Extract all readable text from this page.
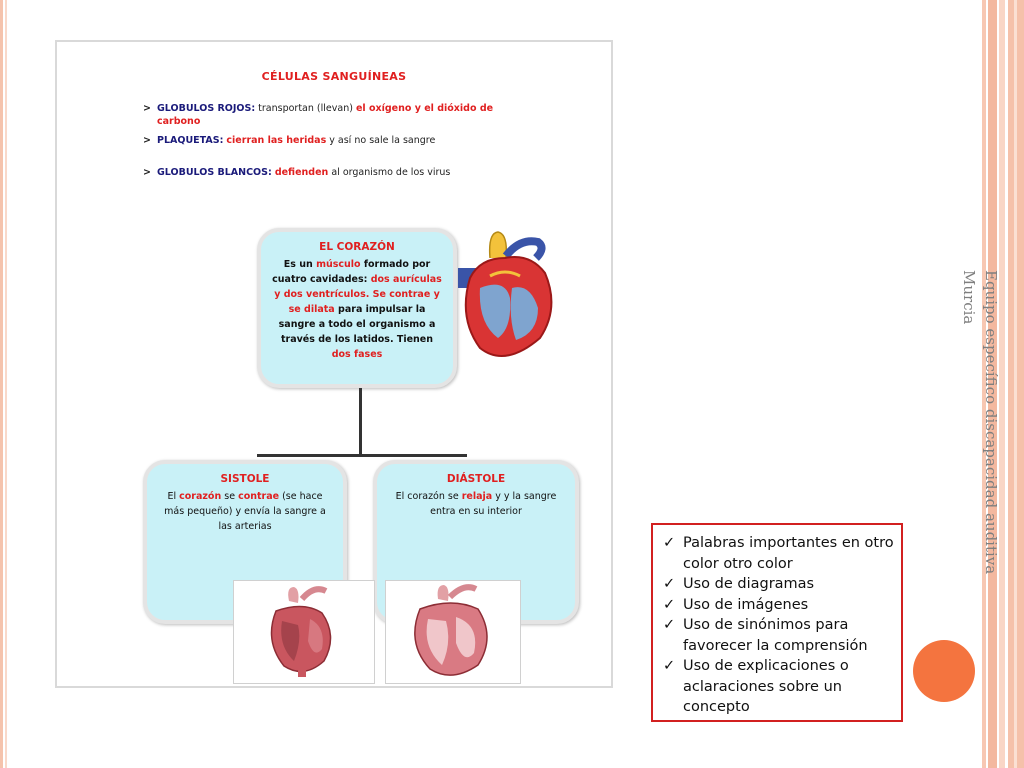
Equipo específico discapacidad auditiva Murcia
CÉLULAS SANGUÍNEAS
> GLOBULOS ROJOS: transportan (llevan) el oxígeno y el dióxido de carbono
> PLAQUETAS: cierran las heridas y así no sale la sangre
> GLOBULOS BLANCOS: defienden al organismo de los virus
EL CORAZÓN
Es un músculo formado por cuatro cavidades: dos aurículas y dos ventrículos. Se contrae y se dilata para impulsar la sangre a todo el organismo a través de los latidos. Tienen dos fases
SISTOLE
El corazón se contrae (se hace más pequeño) y envía la sangre a las arterias
DIÁSTOLE
El corazón se relaja y y la sangre entra en su interior
✓ Palabras importantes en otro color otro color
✓ Uso de diagramas
✓ Uso de imágenes
✓ Uso de sinónimos para favorecer la comprensión
✓ Uso de explicaciones o aclaraciones sobre un concepto
